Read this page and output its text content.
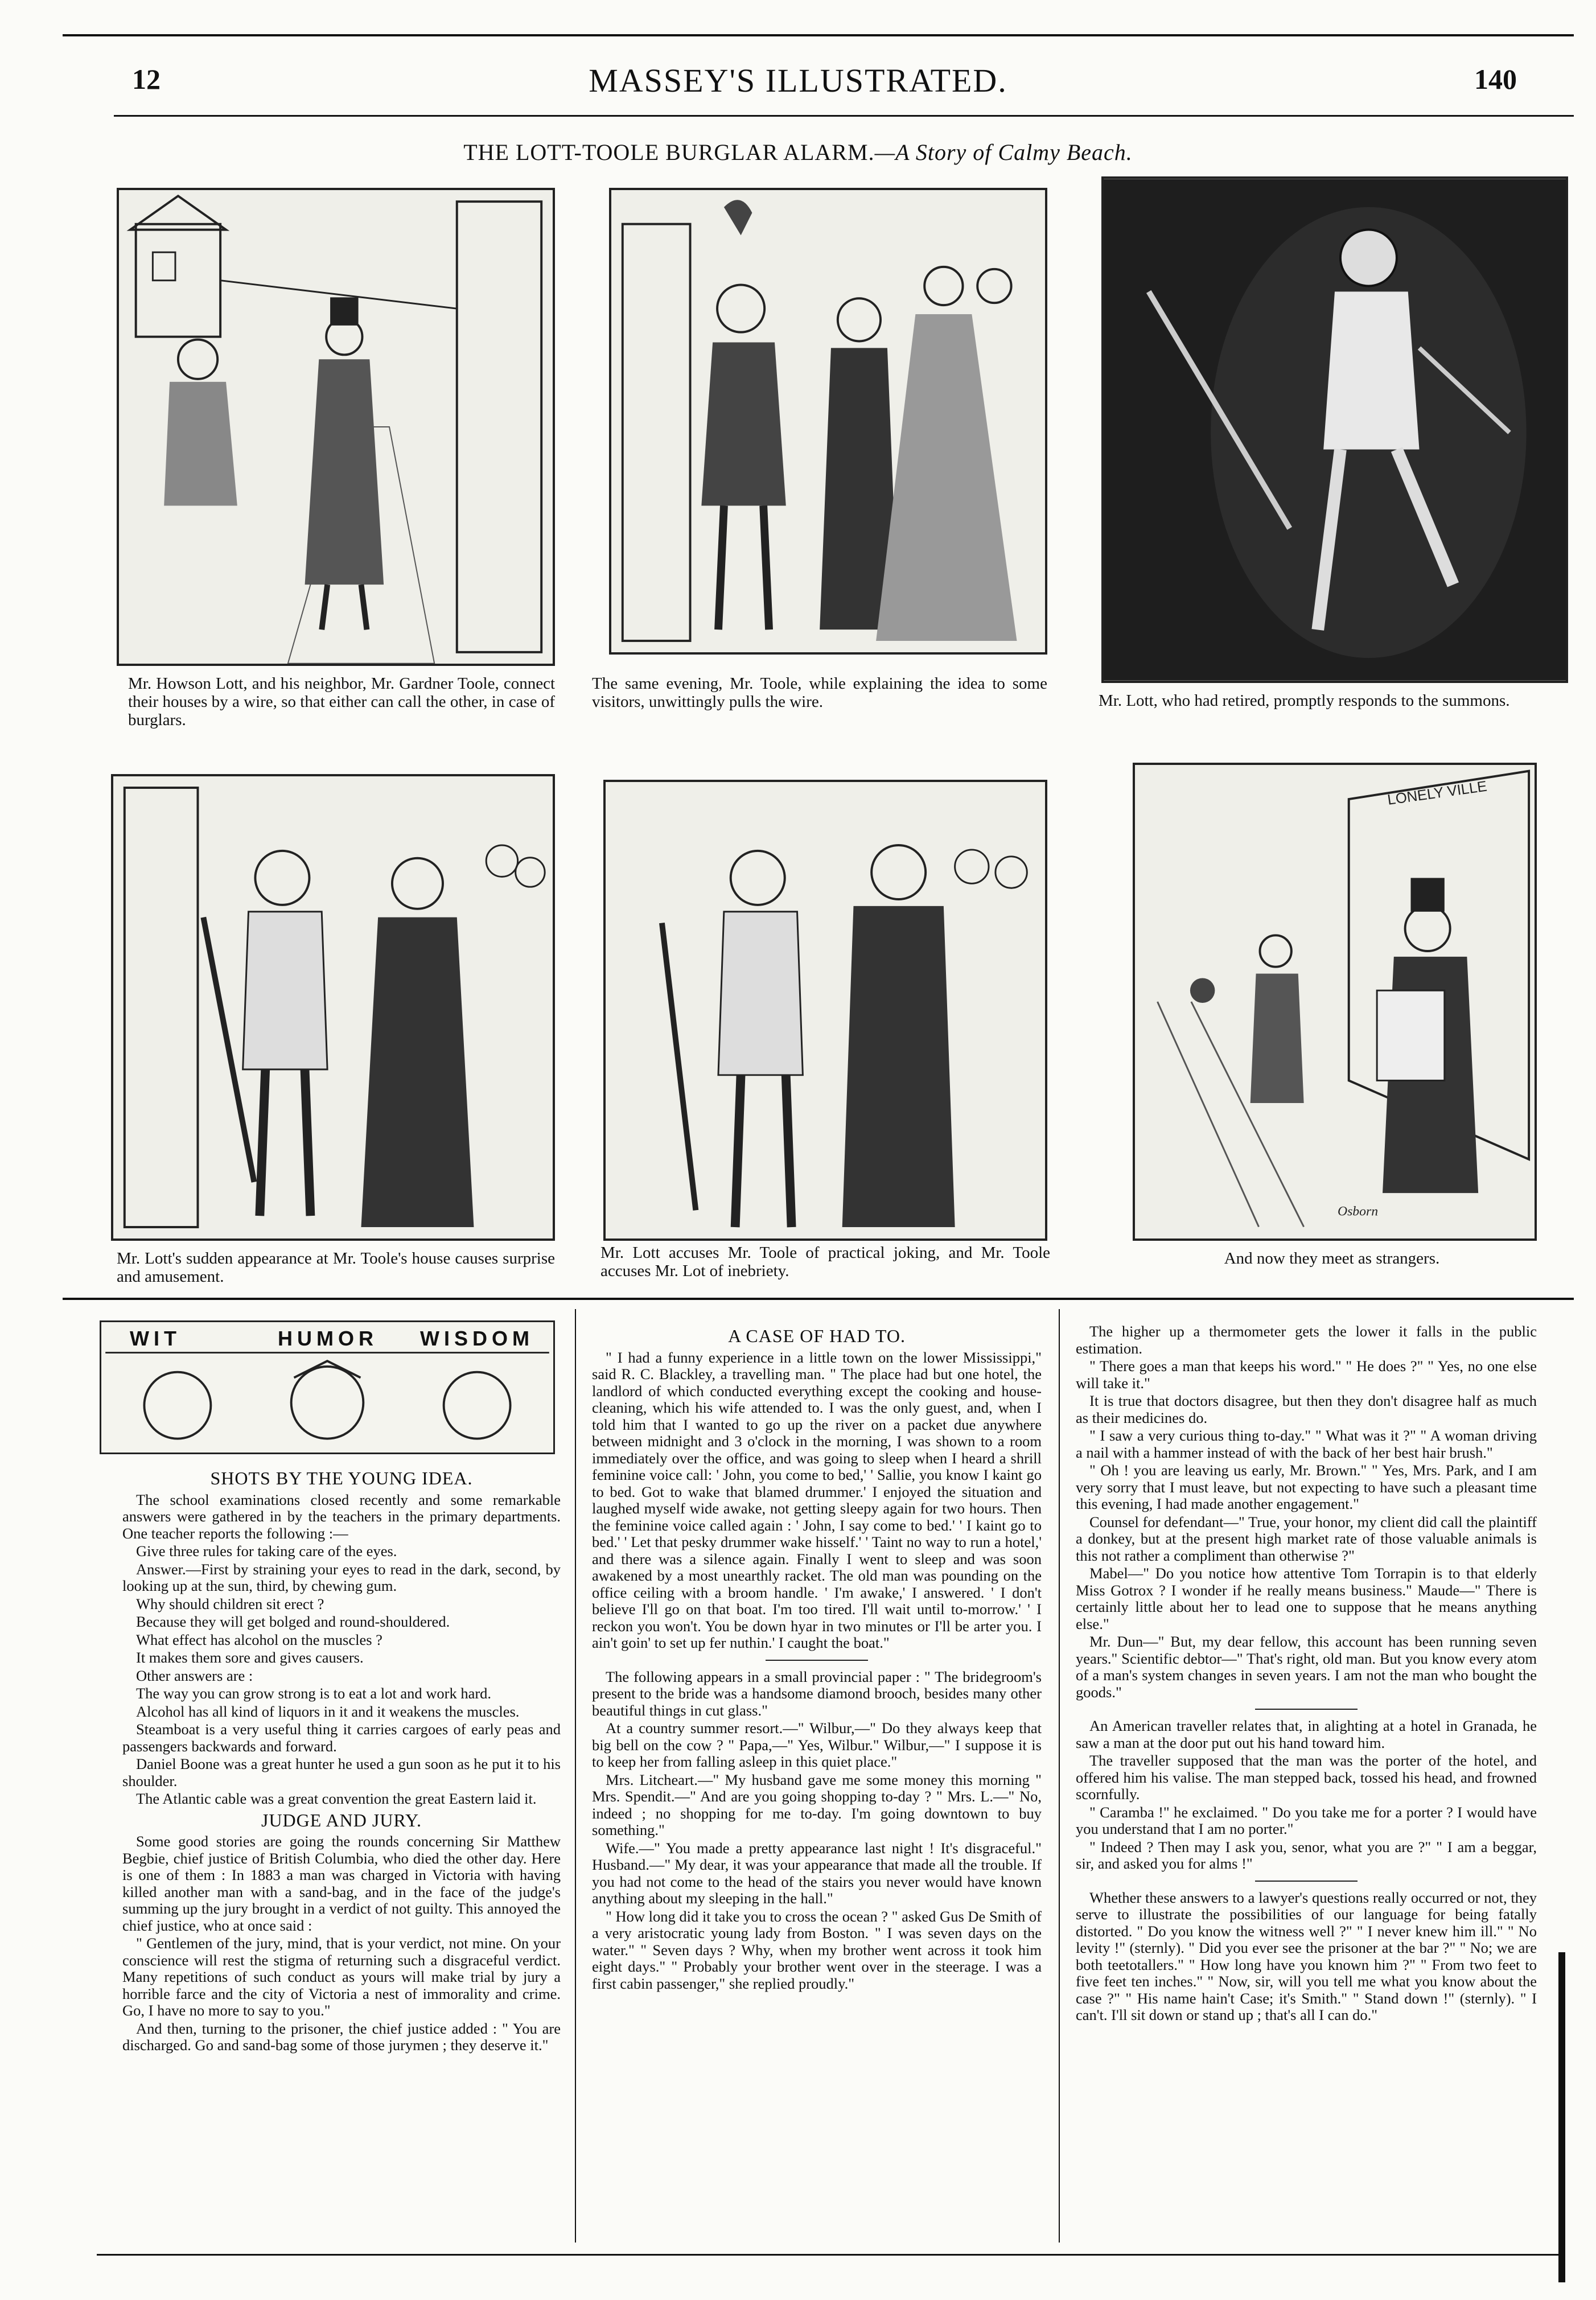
12	MASSEY'S ILLUSTRATED.	140
THE LOTT-TOOLE BURGLAR ALARM.—A Story of Calmy Beach.
Mr. Howson Lott, and his neighbor, Mr. Gardner Toole, connect their houses by a wire, so that either can call the other, in case of burglars.
The same evening, Mr. Toole, while explaining the idea to some visitors, unwittingly pulls the wire.	Mr. Lott, who had retired, promptly responds to the summons.
LONELY VILLE
Osborn
Mr. Lott's sudden appearance at Mr. Toole's house causes surprise and amusement.
Mr. Lott accuses Mr. Toole of practical joking, and Mr. Toole accuses Mr. Lot of inebriety.
And now they meet as strangers.
WIT	HUMOR WISDOM
SHOTS BY THE YOUNG IDEA.

The school examinations closed recently and some remarkable answers were gathered in by the teachers in the primary departments. One teacher reports the following :—

Give three rules for taking care of the eyes.

Answer.—First by straining your eyes to read in the dark, second, by looking up at the sun, third, by chewing gum.

Why should children sit erect ?

Because they will get bolged and round-shouldered.

What effect has alcohol on the muscles ?

It makes them sore and gives causers.

Other answers are :

The way you can grow strong is to eat a lot and work hard.

Alcohol has all kind of liquors in it and it weakens the muscles.

Steamboat is a very useful thing it carries cargoes of early peas and passengers backwards and forward.

Daniel Boone was a great hunter he used a gun soon as he put it to his shoulder.

The Atlantic cable was a great convention the great Eastern laid it.

JUDGE AND JURY.

Some good stories are going the rounds concerning Sir Matthew Begbie, chief justice of British Columbia, who died the other day. Here is one of them : In 1883 a man was charged in Victoria with having killed another man with a sand-bag, and in the face of the judge's summing up the jury brought in a verdict of not guilty. This annoyed the chief justice, who at once said :

" Gentlemen of the jury, mind, that is your verdict, not mine. On your conscience will rest the stigma of returning such a disgraceful verdict. Many repetitions of such conduct as yours will make trial by jury a horrible farce and the city of Victoria a nest of immorality and crime. Go, I have no more to say to you."

And then, turning to the prisoner, the chief justice added : " You are discharged. Go and sand-bag some of those jurymen ; they deserve it."

A CASE OF HAD TO.

" I had a funny experience in a little town on the lower Mississippi," said R. C. Blackley, a travelling man. " The place had but one hotel, the landlord of which conducted everything except the cooking and house-cleaning, which his wife attended to. I was the only guest, and, when I told him that I wanted to go up the river on a packet due anywhere between midnight and 3 o'clock in the morning, I was shown to a room immediately over the office, and was going to sleep when I heard a shrill feminine voice call: ' John, you come to bed,' ' Sallie, you know I kaint go to bed. Got to wake that blamed drummer.' I enjoyed the situation and laughed myself wide awake, not getting sleepy again for two hours. Then the feminine voice called again : ' John, I say come to bed.' ' I kaint go to bed.' ' Let that pesky drummer wake hisself.' ' Taint no way to run a hotel,' and there was a silence again. Finally I went to sleep and was soon awakened by a most unearthly racket. The old man was pounding on the office ceiling with a broom handle. ' I'm awake,' I answered. ' I don't believe I'll go on that boat. I'm too tired. I'll wait until to-morrow.' ' I reckon you won't. You be down hyar in two minutes or I'll be arter you. I ain't goin' to set up fer nuthin.' I caught the boat."

The following appears in a small provincial paper : " The bridegroom's present to the bride was a handsome diamond brooch, besides many other beautiful things in cut glass."

At a country summer resort.—" Wilbur,—" Do they always keep that big bell on the cow ? " Papa,—" Yes, Wilbur." Wilbur,—" I suppose it is to keep her from falling asleep in this quiet place."

Mrs. Litcheart.—" My husband gave me some money this morning " Mrs. Spendit.—" And are you going shopping to-day ? " Mrs. L.—" No, indeed ; no shopping for me to-day. I'm going downtown to buy something."

Wife.—" You made a pretty appearance last night ! It's disgraceful." Husband.—" My dear, it was your appearance that made all the trouble. If you had not come to the head of the stairs you never would have known anything about my sleeping in the hall."

" How long did it take you to cross the ocean ? " asked Gus De Smith of a very aristocratic young lady from Boston. " I was seven days on the water." " Seven days ? Why, when my brother went across it took him eight days." " Probably your brother went over in the steerage. I was a first cabin passenger," she replied proudly."

The higher up a thermometer gets the lower it falls in the public estimation.

" There goes a man that keeps his word." " He does ?" " Yes, no one else will take it."

It is true that doctors disagree, but then they don't disagree half as much as their medicines do.

" I saw a very curious thing to-day." " What was it ?" " A woman driving a nail with a hammer instead of with the back of her best hair brush."

" Oh ! you are leaving us early, Mr. Brown." " Yes, Mrs. Park, and I am very sorry that I must leave, but not expecting to have such a pleasant time this evening, I had made another engagement."

Counsel for defendant—" True, your honor, my client did call the plaintiff a donkey, but at the present high market rate of those valuable animals is this not rather a compliment than otherwise ?"

Mabel—" Do you notice how attentive Tom Torrapin is to that elderly Miss Gotrox ? I wonder if he really means business." Maude—" There is certainly little about her to lead one to suppose that he means anything else."

Mr. Dun—" But, my dear fellow, this account has been running seven years." Scientific debtor—" That's right, old man. But you know every atom of a man's system changes in seven years. I am not the man who bought the goods."

An American traveller relates that, in alighting at a hotel in Granada, he saw a man at the door put out his hand toward him.

The traveller supposed that the man was the porter of the hotel, and offered him his valise. The man stepped back, tossed his head, and frowned scornfully.

" Caramba !" he exclaimed. " Do you take me for a porter ? I would have you understand that I am no porter."

" Indeed ? Then may I ask you, senor, what you are ?" " I am a beggar, sir, and asked you for alms !"

Whether these answers to a lawyer's questions really occurred or not, they serve to illustrate the possibilities of our language for being fatally distorted. " Do you know the witness well ?" " I never knew him ill." " No levity !" (sternly). " Did you ever see the prisoner at the bar ?" " No; we are both teetotallers." " How long have you known him ?" " From two feet to five feet ten inches." " Now, sir, will you tell me what you know about the case ?" " His name hain't Case; it's Smith." " Stand down !" (sternly). " I can't. I'll sit down or stand up ; that's all I can do."
